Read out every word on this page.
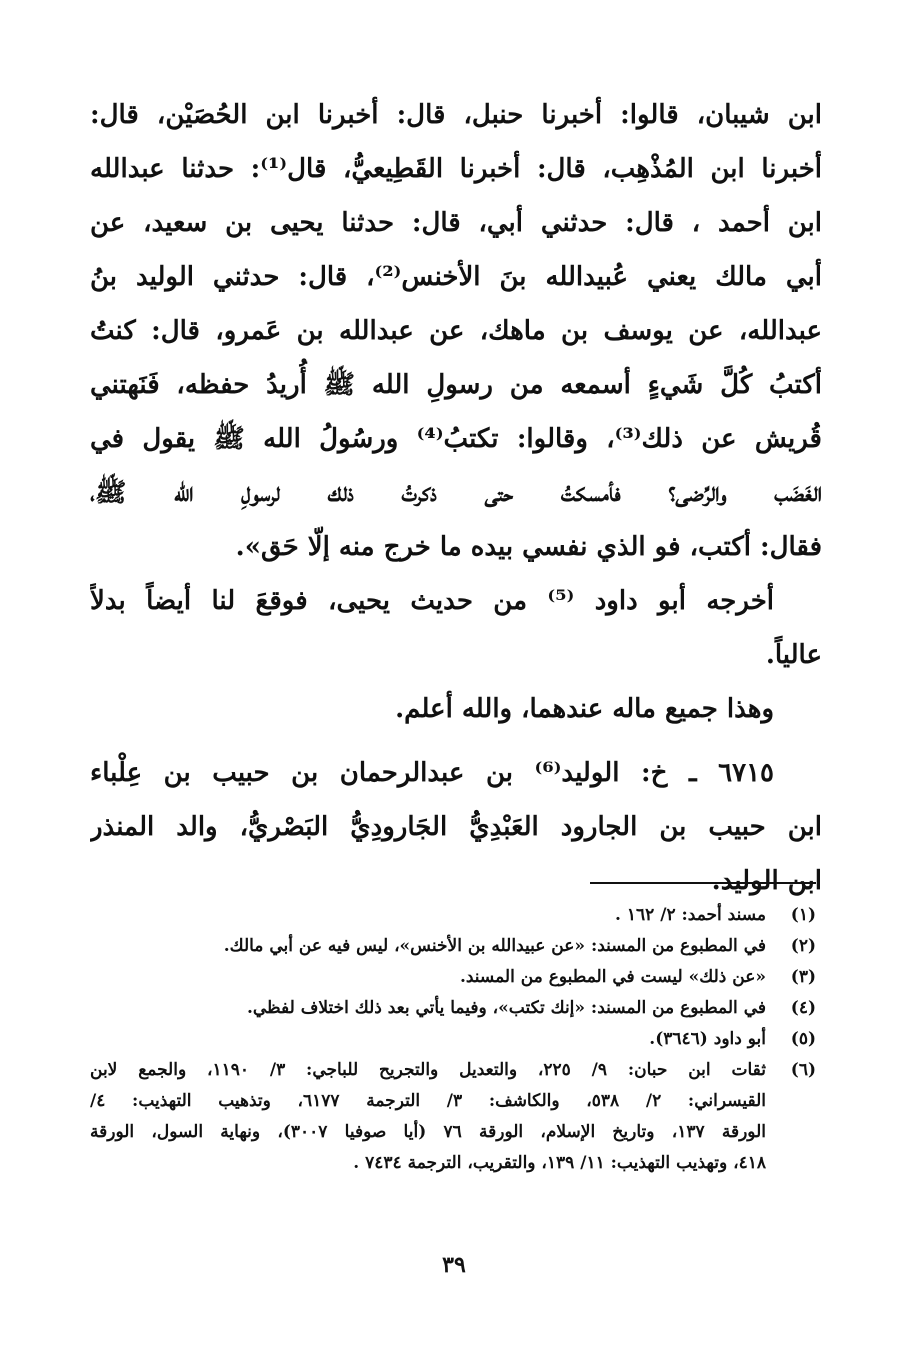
ابن شيبان، قالوا: أخبرنا حنبل، قال: أخبرنا ابن الحُصَيْن، قال:
أخبرنا ابن المُذْهِب، قال: أخبرنا القَطِيعيُّ، قال⁽¹⁾: حدثنا عبدالله
ابن أحمد ، قال: حدثني أبي، قال: حدثنا يحيى بن سعيد، عن
أبي مالك يعني عُبيدالله بنَ الأخنس⁽²⁾، قال: حدثني الوليد بنُ
عبدالله، عن يوسف بن ماهك، عن عبدالله بن عَمرو، قال: كنتُ
أكتبُ كُلَّ شَيءٍ أسمعه من رسولِ الله ﷺ أُريدُ حفظه، فَنَهتني
قُريش عن ذلك⁽³⁾، وقالوا: تكتبُ⁽⁴⁾ ورسُولُ الله ﷺ يقول في
الغَضَب والرِّضى؟ فأمسكتُ حتى ذكرتُ ذلك لرسولِ الله ﷺ،
فقال: أكتب، فو الذي نفسي بيده ما خرج منه إلّا حَق».
أخرجه أبو داود ⁽⁵⁾ من حديث يحيى، فوقعَ لنا أيضاً بدلاً
عالياً.
وهذا جميع ماله عندهما، والله أعلم.
٦٧١٥ ـ خ: الوليد⁽⁶⁾ بن عبدالرحمان بن حبيب بن عِلْباء
ابن حبيب بن الجارود العَبْدِيُّ الجَارودِيُّ البَصْريُّ، والد المنذر
ابن الوليد.
(١)
مسند أحمد: ٢/ ١٦٢ .
(٢)
في المطبوع من المسند: «عن عبيدالله بن الأخنس»، ليس فيه عن أبي مالك.
(٣)
«عن ذلك» ليست في المطبوع من المسند.
(٤)
في المطبوع من المسند: «إنك تكتب»، وفيما يأتي بعد ذلك اختلاف لفظي.
(٥)
أبو داود (٣٦٤٦).
(٦)
ثقات ابن حبان: ٩/ ٢٢٥، والتعديل والتجريح للباجي: ٣/ ١١٩٠، والجمع لابن
القيسراني: ٢/ ٥٣٨، والكاشف: ٣/ الترجمة ٦١٧٧، وتذهيب التهذيب: ٤/
الورقة ١٣٧، وتاريخ الإسلام، الورقة ٧٦ (أيا صوفيا ٣٠٠٧)، ونهاية السول، الورقة
٤١٨، وتهذيب التهذيب: ١١/ ١٣٩، والتقريب، الترجمة ٧٤٣٤ .
٣٩
